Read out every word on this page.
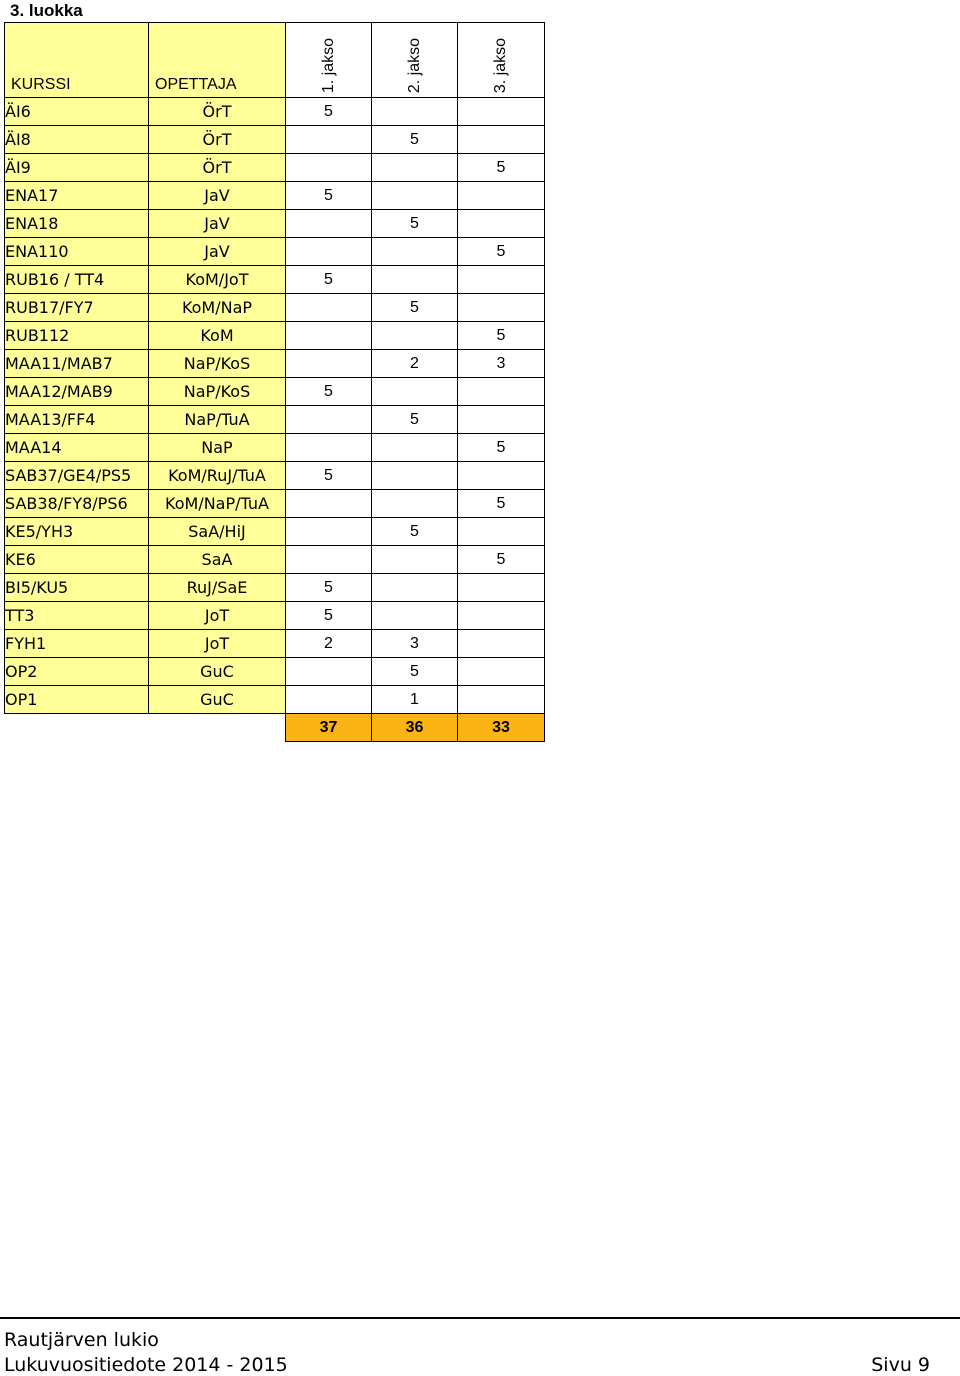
3. luokka
KURSSI	OPETTAJA	1. jakso	2. jakso	3. jakso

ÄI6	ÖrT	5		
ÄI8	ÖrT		5	
ÄI9	ÖrT			5
ENA17	JaV	5		
ENA18	JaV		5	
ENA110	JaV			5
RUB16 / TT4	KoM/JoT	5		
RUB17/FY7	KoM/NaP		5	
RUB112	KoM			5
MAA11/MAB7	NaP/KoS		2	3
MAA12/MAB9	NaP/KoS	5		
MAA13/FF4	NaP/TuA		5	
MAA14	NaP			5
SAB37/GE4/PS5	KoM/RuJ/TuA	5		
SAB38/FY8/PS6	KoM/NaP/TuA			5
KE5/YH3	SaA/HiJ		5	
KE6	SaA			5
BI5/KU5	RuJ/SaE	5		
TT3	JoT	5		
FYH1	JoT	2	3	
OP2	GuC		5	
OP1	GuC		1	
		37	36	33
Rautjärven lukio
Lukuvuositiedote 2014 - 2015	Sivu 9
